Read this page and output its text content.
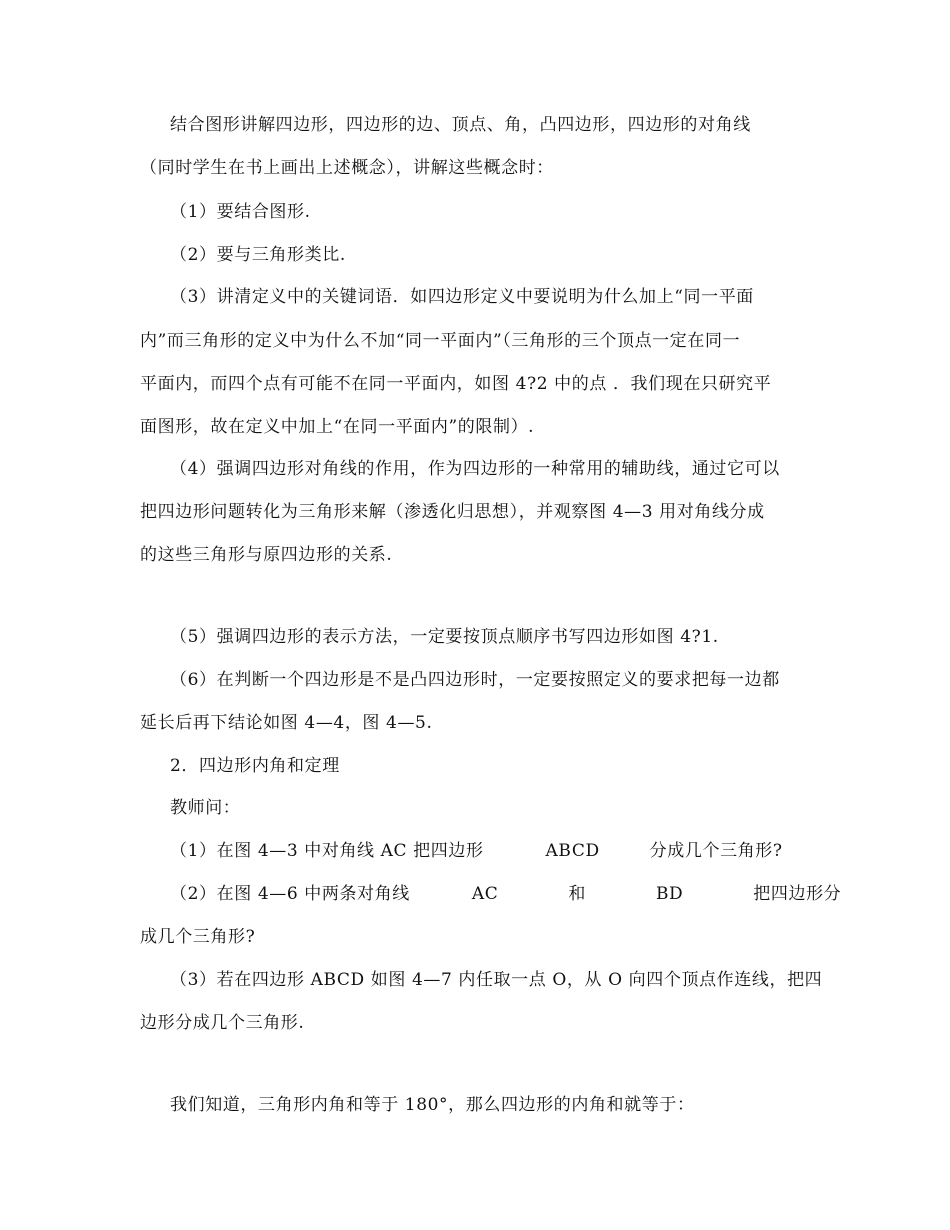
结合图形讲解四边形，四边形的边、顶点、角，凸四边形，四边形的对角线
（同时学生在书上画出上述概念），讲解这些概念时：
（1）要结合图形.
（2）要与三角形类比.
（3）讲清定义中的关键词语．如四边形定义中要说明为什么加上“同一平面
内”而三角形的定义中为什么不加“同一平面内”（三角形的三个顶点一定在同一
平面内，而四个点有可能不在同一平面内，如图 4?2 中的点 ．我们现在只研究平
面图形，故在定义中加上“在同一平面内”的限制）.
（4）强调四边形对角线的作用，作为四边形的一种常用的辅助线，通过它可以
把四边形问题转化为三角形来解（渗透化归思想），并观察图 4—3 用对角线分成
的这些三角形与原四边形的关系.
（5）强调四边形的表示方法，一定要按顶点顺序书写四边形如图 4?1.
（6）在判断一个四边形是不是凸四边形时，一定要按照定义的要求把每一边都
延长后再下结论如图 4—4，图 4—5.
2．四边形内角和定理
教师问：
（1）在图 4—3 中对角线 AC 把四边形	ABCD	分成几个三角形?
（2）在图 4—6 中两条对角线	AC	和	BD	把四边形分
成几个三角形?
（3）若在四边形 ABCD 如图 4—7 内任取一点 O，从 O 向四个顶点作连线，把四
边形分成几个三角形.
我们知道，三角形内角和等于 180°，那么四边形的内角和就等于：
